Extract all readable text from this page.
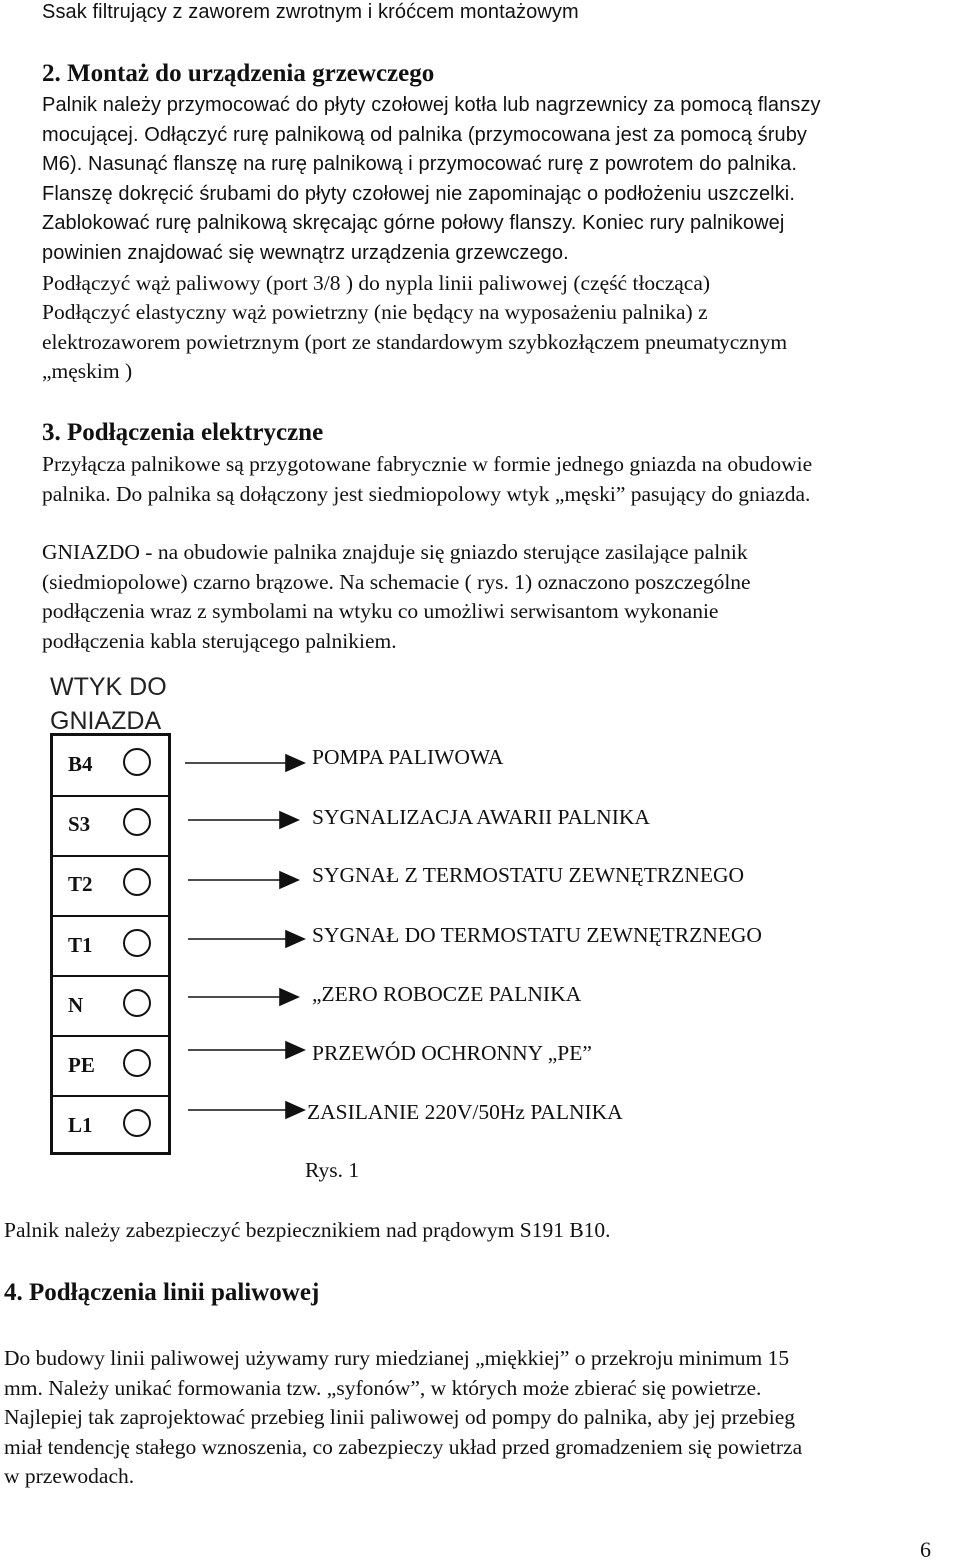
Ssak filtrujący z zaworem zwrotnym i króćcem montażowym
2. Montaż do urządzenia grzewczego
Palnik należy przymocować do płyty czołowej kotła lub nagrzewnicy za pomocą flanszy
mocującej. Odłączyć rurę palnikową od palnika (przymocowana jest za pomocą śruby
M6). Nasunąć flanszę na rurę palnikową i przymocować rurę z powrotem do palnika.
Flanszę dokręcić śrubami do płyty czołowej nie zapominając o podłożeniu uszczelki.
Zablokować rurę palnikową skręcając górne połowy flanszy. Koniec rury palnikowej
powinien znajdować się wewnątrz urządzenia grzewczego.
Podłączyć wąż paliwowy (port 3/8 ) do nypla linii paliwowej (część tłocząca)
Podłączyć elastyczny wąż powietrzny (nie będący na wyposażeniu palnika) z
elektrozaworem powietrznym (port ze standardowym szybkozłączem pneumatycznym
„męskim )
3. Podłączenia elektryczne
Przyłącza palnikowe są przygotowane fabrycznie w formie jednego gniazda na obudowie
palnika. Do palnika są dołączony jest siedmiopolowy wtyk „męski” pasujący do gniazda.
GNIAZDO - na obudowie palnika znajduje się gniazdo sterujące zasilające palnik
(siedmiopolowe) czarno brązowe. Na schemacie ( rys. 1) oznaczono poszczególne
podłączenia wraz z symbolami na wtyku co umożliwi serwisantom wykonanie
podłączenia kabla sterującego palnikiem.
WTYK DO
GNIAZDA
B4
S3
T2
T1
N
PE
L1
POMPA PALIWOWA
SYGNALIZACJA AWARII PALNIKA
SYGNAŁ Z TERMOSTATU ZEWNĘTRZNEGO
SYGNAŁ DO TERMOSTATU ZEWNĘTRZNEGO
„ZERO ROBOCZE PALNIKA
PRZEWÓD OCHRONNY „PE”
ZASILANIE 220V/50Hz PALNIKA
Rys. 1
Palnik należy zabezpieczyć bezpiecznikiem nad prądowym S191 B10.
4. Podłączenia linii paliwowej
Do budowy linii paliwowej używamy rury miedzianej „miękkiej” o przekroju minimum 15
mm. Należy unikać formowania tzw. „syfonów”, w których może zbierać się powietrze.
Najlepiej tak zaprojektować przebieg linii paliwowej od pompy do palnika, aby jej przebieg
miał tendencję stałego wznoszenia, co zabezpieczy układ przed gromadzeniem się powietrza
w przewodach.
6
